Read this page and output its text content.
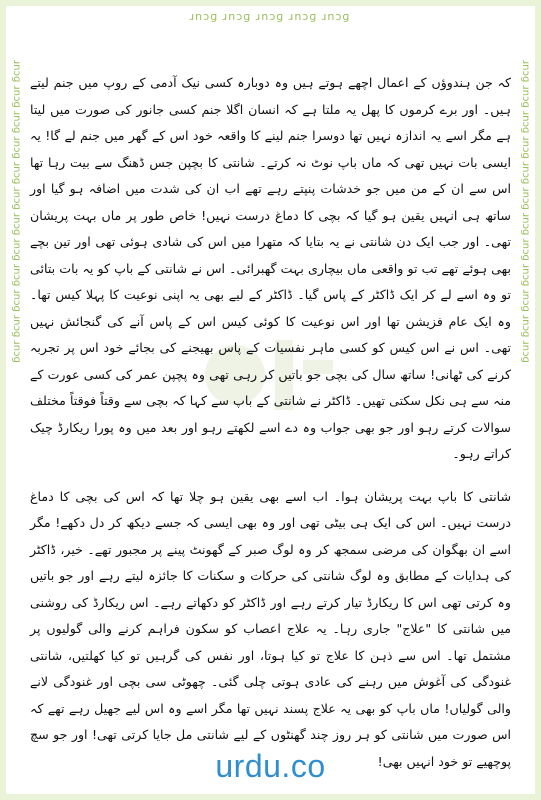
ɹnɔɡ ɹnɔɡ ɹnɔɡ ɹnɔɡ ɹnɔɡ
ɹnɔɡ ɹnɔɡ ɹnɔɡ ɹnɔɡ ɹnɔɡ ɹnɔɡ ɹnɔɡ ɹnɔɡ ɹnɔɡ ɹnɔɡ ɹnɔɡ ɹnɔɡ	ɹnɔɡ ɹnɔɡ ɹnɔɡ ɹnɔɡ ɹnɔɡ ɹnɔɡ ɹnɔɡ ɹnɔɡ ɹnɔɡ ɹnɔɡ ɹnɔɡ ɹnɔɡ

کہ جن ہندوؤں کے اعمال اچھے ہوتے ہیں وہ دوبارہ کسی نیک آدمی کے روپ میں جنم لیتے ہیں۔ اور برے کرموں کا پھل یہ ملتا ہے کہ انسان اگلا جنم کسی جانور کی صورت میں لیتا ہے مگر اسے یہ اندازہ نہیں تھا دوسرا جنم لینے کا واقعہ خود اس کے گھر میں جنم لے گا! یہ ایسی بات نہیں تھی کہ ماں باپ نوٹ نہ کرتے۔ شانتی کا بچپن جس ڈھنگ سے بیت رہا تھا اس سے ان کے من میں جو خدشات پنپتے رہے تھے اب ان کی شدت میں اضافہ ہو گیا اور ساتھ ہی انہیں یقین ہو گیا کہ بچی کا دماغ درست نہیں! خاص طور پر ماں بہت پریشان تھی۔ اور جب ایک دن شانتی نے یہ بتایا کہ متھرا میں اس کی شادی ہوئی تھی اور تین بچے بھی ہوئے تھے تب تو واقعی ماں بیچاری بہت گھبرائی۔ اس نے شانتی کے باپ کو یہ بات بتائی تو وہ اسے لے کر ایک ڈاکٹر کے پاس گیا۔ ڈاکٹر کے لیے بھی یہ اپنی نوعیت کا پہلا کیس تھا۔ وہ ایک عام فزیشن تھا اور اس نوعیت کا کوئی کیس اس کے پاس آنے کی گنجائش نہیں تھی۔ اس نے اس کیس کو کسی ماہر نفسیات کے پاس بھیجنے کی بجائے خود اس پر تجربہ کرنے کی ٹھانی! ساتھ سال کی بچی جو باتیں کر رہی تھی وہ پچپن عمر کی کسی عورت کے منہ سے ہی نکل سکتی تھیں۔ ڈاکٹر نے شانتی کے باپ سے کہا کہ بچی سے وقتاً فوقتاً مختلف سوالات کرتے رہو اور جو بھی جواب وہ دے اسے لکھتے رہو اور بعد میں وہ پورا ریکارڈ چیک کراتے رہو۔

شانتی کا باپ بہت پریشان ہوا۔ اب اسے بھی یقین ہو چلا تھا کہ اس کی بچی کا دماغ درست نہیں۔ اس کی ایک ہی بیٹی تھی اور وہ بھی ایسی کہ جسے دیکھ کر دل دکھے! مگر اسے ان بھگوان کی مرضی سمجھ کر وہ لوگ صبر کے گھونٹ پینے پر مجبور تھے۔ خیر، ڈاکٹر کی ہدایات کے مطابق وہ لوگ شانتی کی حرکات و سکنات کا جائزہ لیتے رہے اور جو باتیں وہ کرتی تھی اس کا ریکارڈ تیار کرتے رہے اور ڈاکٹر کو دکھاتے رہے۔ اس ریکارڈ کی روشنی میں شانتی کا "علاج" جاری رہا۔ یہ علاج اعصاب کو سکون فراہم کرنے والی گولیوں پر مشتمل تھا۔ اس سے ذہن کا علاج تو کیا ہوتا، اور نفس کی گرہیں تو کیا کھلتیں، شانتی غنودگی کی آغوش میں رہنے کی عادی ہوتی چلی گئی۔ چھوٹی سی بچی اور غنودگی لانے والی گولیاں! ماں باپ کو بھی یہ علاج پسند نہیں تھا مگر اسے وہ اس لیے جھیل رہے تھے کہ اس صورت میں شانتی کو ہر روز چند گھنٹوں کے لیے شانتی مل جایا کرتی تھی! اور جو سچ پوچھیے تو خود انہیں بھی!

urdu.co
